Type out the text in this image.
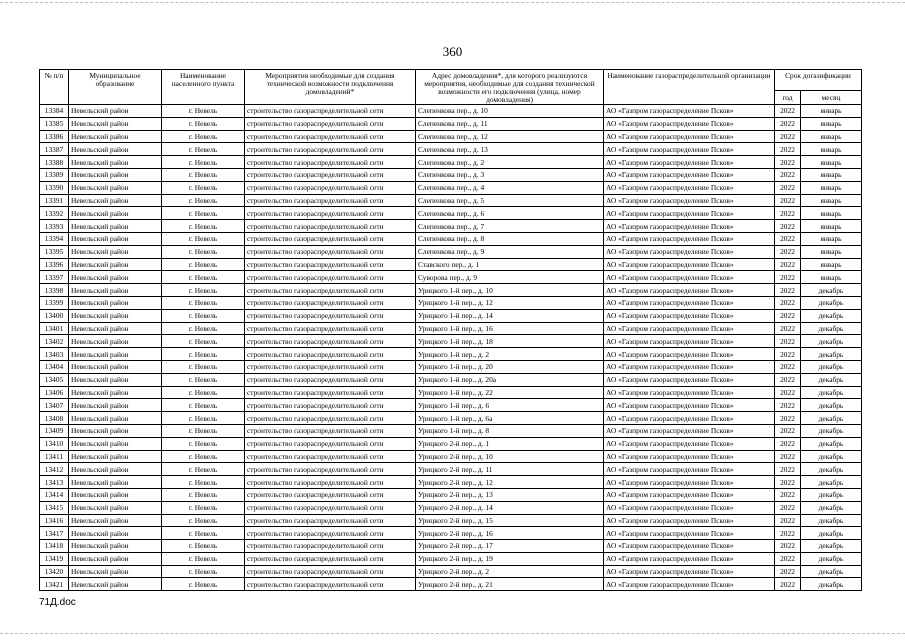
360
№ п/п	Муниципальное образование	Наименование населенного пункта	Мероприятия необходимые для создания технической возможности подключения домовладений*	Адрес домовладения*, для которого реализуются мероприятия, необходимые для создания технической возможности его подключения (улица, номер домовладения)	Наименование газораспределительной организации	Срок догазификации	
						год	месяц
13384	Невельский район	г. Невель	строительство газораспределительной сети	Слепенкова пер., д. 10	АО «Газпром газораспределение Псков»	2022	январь
13385	Невельский район	г. Невель	строительство газораспределительной сети	Слепенкова пер., д. 11	АО «Газпром газораспределение Псков»	2022	январь
13386	Невельский район	г. Невель	строительство газораспределительной сети	Слепенкова пер., д. 12	АО «Газпром газораспределение Псков»	2022	январь
13387	Невельский район	г. Невель	строительство газораспределительной сети	Слепенкова пер., д. 13	АО «Газпром газораспределение Псков»	2022	январь
13388	Невельский район	г. Невель	строительство газораспределительной сети	Слепенкова пер., д. 2	АО «Газпром газораспределение Псков»	2022	январь
13389	Невельский район	г. Невель	строительство газораспределительной сети	Слепенкова пер., д. 3	АО «Газпром газораспределение Псков»	2022	январь
13390	Невельский район	г. Невель	строительство газораспределительной сети	Слепенкова пер., д. 4	АО «Газпром газораспределение Псков»	2022	январь
13391	Невельский район	г. Невель	строительство газораспределительной сети	Слепенкова пер., д. 5	АО «Газпром газораспределение Псков»	2022	январь
13392	Невельский район	г. Невель	строительство газораспределительной сети	Слепенкова пер., д. 6	АО «Газпром газораспределение Псков»	2022	январь
13393	Невельский район	г. Невель	строительство газораспределительной сети	Слепенкова пер., д. 7	АО «Газпром газораспределение Псков»	2022	январь
13394	Невельский район	г. Невель	строительство газораспределительной сети	Слепенкова пер., д. 8	АО «Газпром газораспределение Псков»	2022	январь
13395	Невельский район	г. Невель	строительство газораспределительной сети	Слепенкова пер., д. 9	АО «Газпром газораспределение Псков»	2022	январь
13396	Невельский район	г. Невель	строительство газораспределительной сети	Ставского пер., д. 1	АО «Газпром газораспределение Псков»	2022	январь
13397	Невельский район	г. Невель	строительство газораспределительной сети	Суворова пер., д. 9	АО «Газпром газораспределение Псков»	2022	январь
13398	Невельский район	г. Невель	строительство газораспределительной сети	Урицкого 1-й пер., д. 10	АО «Газпром газораспределение Псков»	2022	декабрь
13399	Невельский район	г. Невель	строительство газораспределительной сети	Урицкого 1-й пер., д. 12	АО «Газпром газораспределение Псков»	2022	декабрь
13400	Невельский район	г. Невель	строительство газораспределительной сети	Урицкого 1-й пер., д. 14	АО «Газпром газораспределение Псков»	2022	декабрь
13401	Невельский район	г. Невель	строительство газораспределительной сети	Урицкого 1-й пер., д. 16	АО «Газпром газораспределение Псков»	2022	декабрь
13402	Невельский район	г. Невель	строительство газораспределительной сети	Урицкого 1-й пер., д. 18	АО «Газпром газораспределение Псков»	2022	декабрь
13403	Невельский район	г. Невель	строительство газораспределительной сети	Урицкого 1-й пер., д. 2	АО «Газпром газораспределение Псков»	2022	декабрь
13404	Невельский район	г. Невель	строительство газораспределительной сети	Урицкого 1-й пер., д. 20	АО «Газпром газораспределение Псков»	2022	декабрь
13405	Невельский район	г. Невель	строительство газораспределительной сети	Урицкого 1-й пер., д. 20а	АО «Газпром газораспределение Псков»	2022	декабрь
13406	Невельский район	г. Невель	строительство газораспределительной сети	Урицкого 1-й пер., д. 22	АО «Газпром газораспределение Псков»	2022	декабрь
13407	Невельский район	г. Невель	строительство газораспределительной сети	Урицкого 1-й пер., д. 6	АО «Газпром газораспределение Псков»	2022	декабрь
13408	Невельский район	г. Невель	строительство газораспределительной сети	Урицкого 1-й пер., д. 6а	АО «Газпром газораспределение Псков»	2022	декабрь
13409	Невельский район	г. Невель	строительство газораспределительной сети	Урицкого 1-й пер., д. 8	АО «Газпром газораспределение Псков»	2022	декабрь
13410	Невельский район	г. Невель	строительство газораспределительной сети	Урицкого 2-й пер., д. 1	АО «Газпром газораспределение Псков»	2022	декабрь
13411	Невельский район	г. Невель	строительство газораспределительной сети	Урицкого 2-й пер., д. 10	АО «Газпром газораспределение Псков»	2022	декабрь
13412	Невельский район	г. Невель	строительство газораспределительной сети	Урицкого 2-й пер., д. 11	АО «Газпром газораспределение Псков»	2022	декабрь
13413	Невельский район	г. Невель	строительство газораспределительной сети	Урицкого 2-й пер., д. 12	АО «Газпром газораспределение Псков»	2022	декабрь
13414	Невельский район	г. Невель	строительство газораспределительной сети	Урицкого 2-й пер., д. 13	АО «Газпром газораспределение Псков»	2022	декабрь
13415	Невельский район	г. Невель	строительство газораспределительной сети	Урицкого 2-й пер., д. 14	АО «Газпром газораспределение Псков»	2022	декабрь
13416	Невельский район	г. Невель	строительство газораспределительной сети	Урицкого 2-й пер., д. 15	АО «Газпром газораспределение Псков»	2022	декабрь
13417	Невельский район	г. Невель	строительство газораспределительной сети	Урицкого 2-й пер., д. 16	АО «Газпром газораспределение Псков»	2022	декабрь
13418	Невельский район	г. Невель	строительство газораспределительной сети	Урицкого 2-й пер., д. 17	АО «Газпром газораспределение Псков»	2022	декабрь
13419	Невельский район	г. Невель	строительство газораспределительной сети	Урицкого 2-й пер., д. 19	АО «Газпром газораспределение Псков»	2022	декабрь
13420	Невельский район	г. Невель	строительство газораспределительной сети	Урицкого 2-й пер., д. 2	АО «Газпром газораспределение Псков»	2022	декабрь
13421	Невельский район	г. Невель	строительство газораспределительной сети	Урицкого 2-й пер., д. 21	АО «Газпром газораспределение Псков»	2022	декабрь
71Д.doc
